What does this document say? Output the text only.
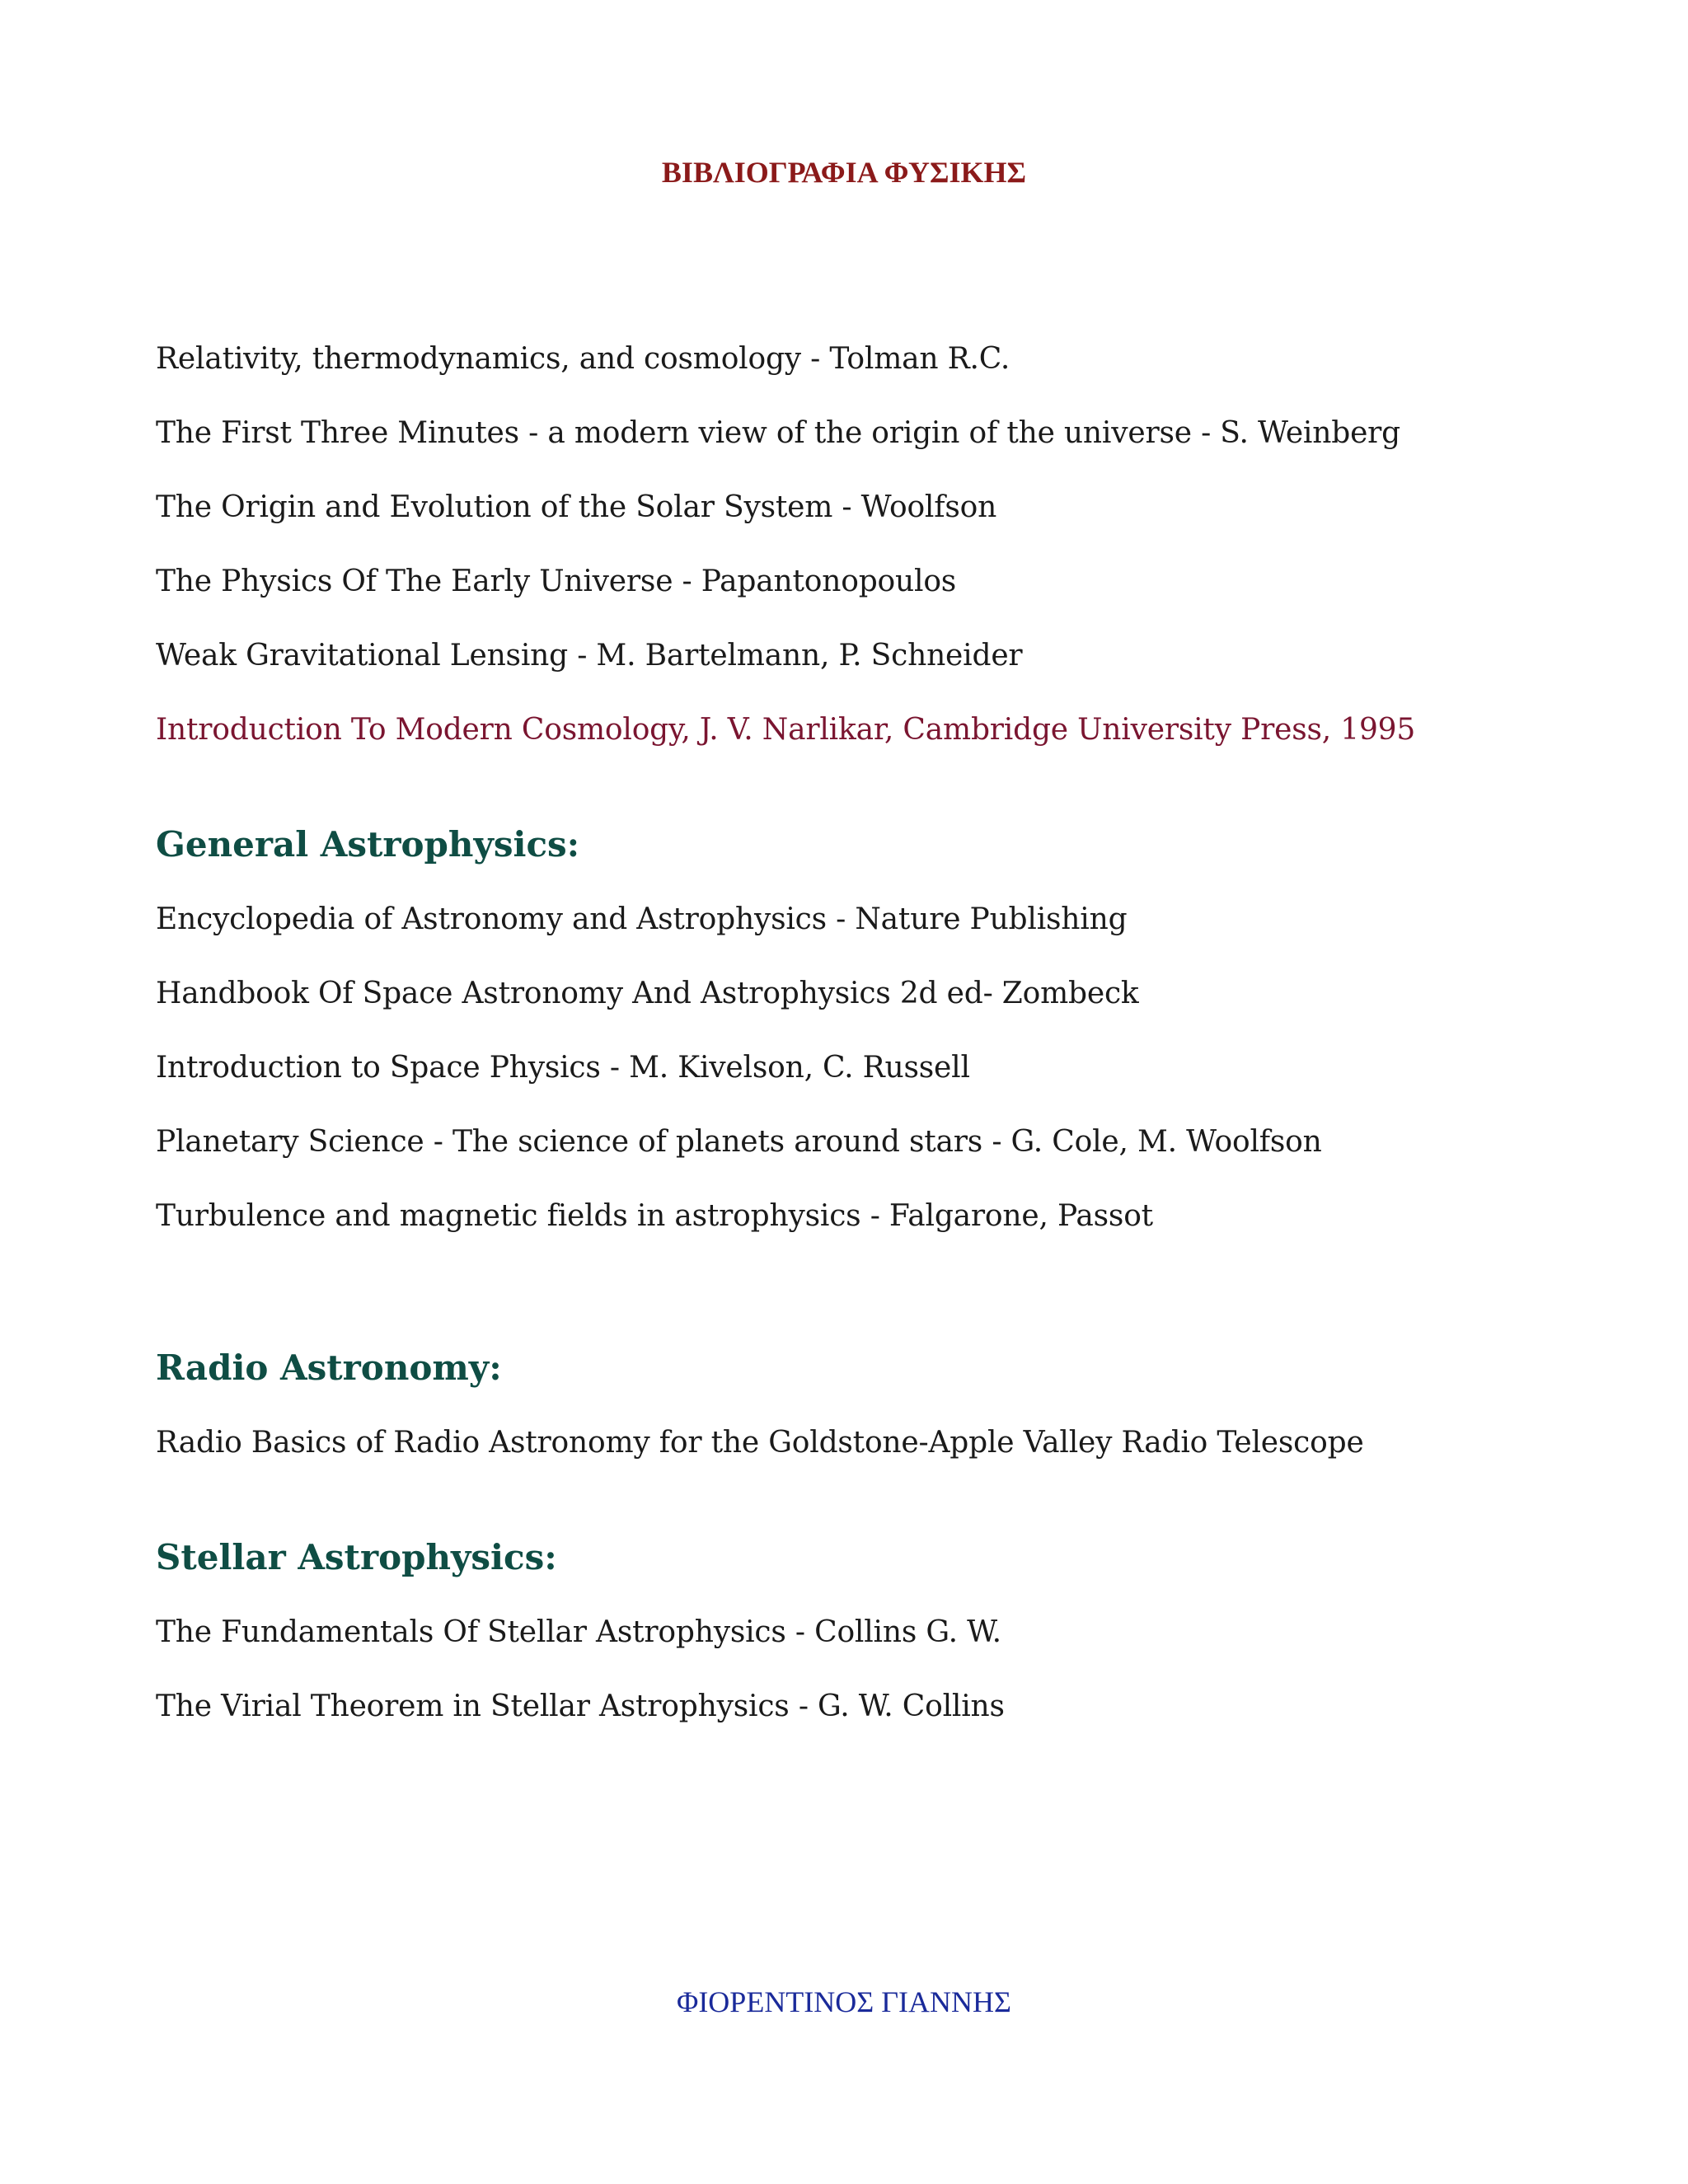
ΒΙΒΛΙΟΓΡΑΦΙΑ ΦΥΣΙΚΗΣ

Relativity, thermodynamics, and cosmology - Tolman R.C.

The First Three Minutes - a modern view of the origin of the universe - S. Weinberg

The Origin and Evolution of the Solar System - Woolfson

The Physics Of The Early Universe - Papantonopoulos

Weak Gravitational Lensing - M. Bartelmann, P. Schneider

Introduction To Modern Cosmology, J. V. Narlikar, Cambridge University Press, 1995

General Astrophysics:

Encyclopedia of Astronomy and Astrophysics - Nature Publishing

Handbook Of Space Astronomy And Astrophysics 2d ed- Zombeck

Introduction to Space Physics - M. Kivelson, C. Russell

Planetary Science - The science of planets around stars - G. Cole, M. Woolfson

Turbulence and magnetic fields in astrophysics - Falgarone, Passot

Radio Astronomy:

Radio Basics of Radio Astronomy for the Goldstone-Apple Valley Radio Telescope

Stellar Astrophysics:

The Fundamentals Of Stellar Astrophysics - Collins G. W.

The Virial Theorem in Stellar Astrophysics - G. W. Collins

ΦΙΟΡΕΝΤΙΝΟΣ ΓΙΑΝΝΗΣ
